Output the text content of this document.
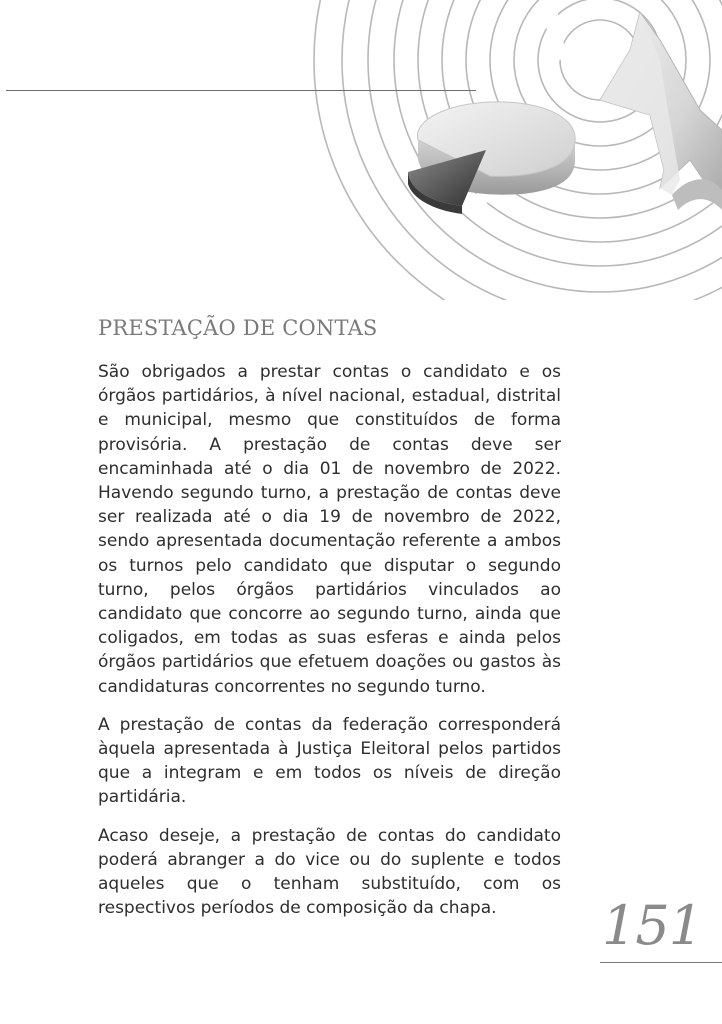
PRESTAÇÃO DE CONTAS

São obrigados a prestar contas o candidato e os órgãos partidários, à nível nacional, estadual, distrital e municipal, mesmo que constituídos de forma provisória. A prestação de contas deve ser encaminhada até o dia 01 de novembro de 2022. Havendo segundo turno, a prestação de contas deve ser realizada até o dia 19 de novembro de 2022, sendo apresentada documentação referente a ambos os turnos pelo candidato que disputar o segundo turno, pelos órgãos partidários vinculados ao candidato que concorre ao segundo turno, ainda que coligados, em todas as suas esferas e ainda pelos órgãos partidários que efetuem doações ou gastos às candidaturas concorrentes no segundo turno.

A prestação de contas da federação corresponderá àquela apresentada à Justiça Eleitoral pelos partidos que a integram e em todos os níveis de direção partidária.

Acaso deseje, a prestação de contas do candidato poderá abranger a do vice ou do suplente e todos aqueles que o tenham substituído, com os respectivos períodos de composição da chapa.	151
